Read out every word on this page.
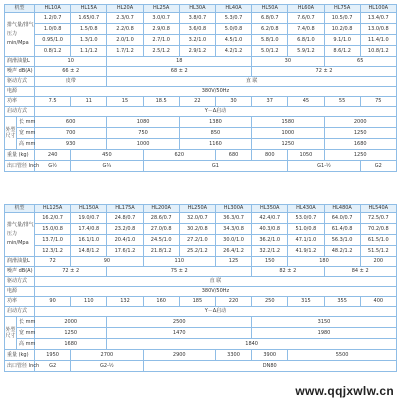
机型		HL10A	HL15A	HL20A	HL25A	HL30A	HL40A	HL50A	HL60A	HL75A	HL100A
排气量/排气压力 min/Mpa		1.2/0.7	1.65/0.7	2.3/0.7	3.0/0.7	3.8/0.7	5.3/0.7	6.8/0.7	7.6/0.7	10.5/0.7	13.4/0.7
		1.0/0.8	1.5/0.8	2.2/0.8	2.9/0.8	3.6/0.8	5.0/0.8	6.2/0.8	7.4/0.8	10.2/0.8	13.0/0.8
		0.95/1.0	1.3/1.0	2.0/1.0	2.7/1.0	3.2/1.0	4.5/1.0	5.8/1.0	6.8/1.0	9.1/1.0	11.4/1.0
		0.8/1.2	1.1/1.2	1.7/1.2	2.5/1.2	2.9/1.2	4.2/1.2	5.0/1.2	5.9/1.2	8.6/1.2	10.8/1.2
润滑油量L		10		18				30		65	
噪声 dB(A)		66 ± 2		68 ± 2				72 ± 2			
驱动方式		皮带		直 联							
电源		380V/50Hz									
功率		7.5	11	15	18.5	22	30	37	45	55	75
启动方式		Y－Δ启动									
外型尺寸	长 mm	600		1080		1380		1580		2000	
	宽 mm	700		750		850		1000		1250	
	高 mm	930		1000		1160		1250		1680	
重量 (kg)		240	450		620		680	800	1050	1250	
出口管径 Inch		G½	G¾		G1				G1-½		G2
机型		HL125A	HL150A	HL175A	HL200A	HL250A	HL300A	HL350A	HL430A	HL480A	HL540A
排气量/排气压力 min/Mpa		16.2/0.7	19.0/0.7	24.8/0.7	28.6/0.7	32.0/0.7	36.3/0.7	42.4/0.7	53.0/0.7	64.0/0.7	72.5/0.7
		15.0/0.8	17.4/0.8	23.2/0.8	27.0/0.8	30.2/0.8	34.3/0.8	40.3/0.8	51.0/0.8	61.4/0.8	70.2/0.8
		13.7/1.0	16.1/1.0	20.4/1.0	24.5/1.0	27.2/1.0	30.0/1.0	36.2/1.0	47.1/1.0	56.3/1.0	61.5/1.0
		12.3/1.2	14.8/1.2	17.6/1.2	21.8/1.2	25.2/1.2	26.4/1.2	32.2/1.2	41.9/1.2	48.2/1.2	51.5/1.2
润滑油量L		72	90		110		125	150	180		200
噪声 dB(A)		72 ± 2		75 ± 2				82 ± 2		84 ± 2	
驱动方式		直 联									
电源		380V/50Hz									
功率		90	110	132	160	185	220	250	315	355	400
启动方式		Y－Δ启动									
外型尺寸	长 mm	2000		2500				3150			
	宽 mm	1250		1470				1980			
	高 mm	1680		1840							
重量 (kg)		1950	2700		2900		3300	3900	5500		
出口管径 Inch		G2	G2-½		DN80						
www.qqjxwlw.cn
